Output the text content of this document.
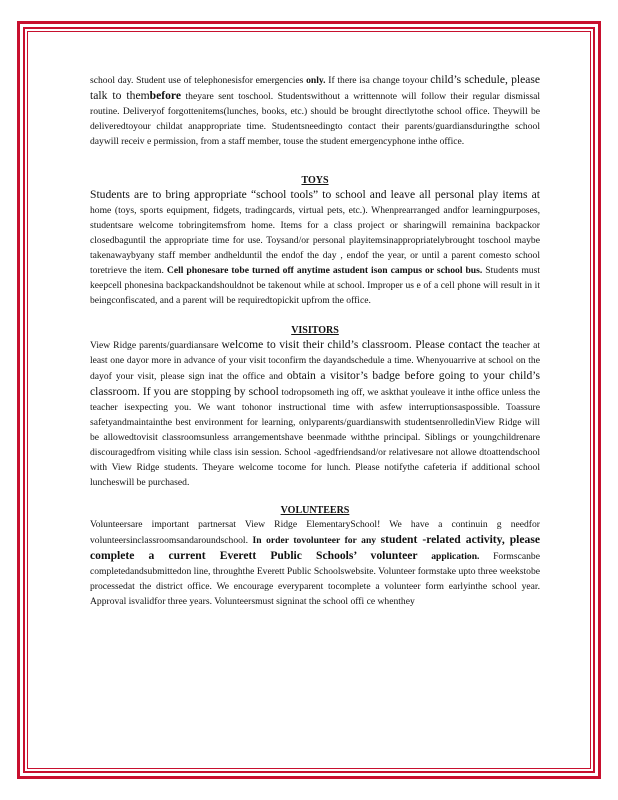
school day. Student use of telephonesisfor emergencies only. If there isa change toyour child’s schedule, please talk to thembefore theyare sent toschool. Studentswithout a writtennote will follow their regular dismissal routine. Deliveryof forgottenitems(lunches, books, etc.) should be brought directlytothe school office. Theywill be deliveredtoyour childat anappropriate time. Studentsneedingto contact their parents/guardiansduringthe school daywill receiv e permission, from a staff member, touse the student emergencyphone inthe office.

TOYS

Students are to bring appropriate “school tools” to school and leave all personal play items at home (toys, sports equipment, fidgets, tradingcards, virtual pets, etc.). Whenprearranged andfor learningpurposes, studentsare welcome tobringitemsfrom home. Items for a class project or sharingwill remainina backpackor closedbaguntil the appropriate time for use. Toysand/or personal playitemsinappropriatelybrought toschool maybe takenawaybyany staff member andhelduntil the endof the day , endof the year, or until a parent comesto school toretrieve the item. Cell phonesare tobe turned off anytime astudent ison campus or school bus. Students must keepcell phonesina backpackandshouldnot be takenout while at school. Improper us e of a cell phone will result in it beingconfiscated, and a parent will be requiredtopickit upfrom the office.

VISITORS

View Ridge parents/guardiansare welcome to visit their child’s classroom. Please contact the teacher at least one dayor more in advance of your visit toconfirm the dayandschedule a time. Whenyouarrive at school on the dayof your visit, please sign inat the office and obtain a visitor’s badge before going to your child’s classroom. If you are stopping by school todropsometh ing off, we askthat youleave it inthe office unless the teacher isexpecting you. We want tohonor instructional time with asfew interruptionsaspossible. Toassure safetyandmaintainthe best environment for learning, onlyparents/guardianswith studentsenrolledinView Ridge will be allowedtovisit classroomsunless arrangementshave beenmade withthe principal. Siblings or youngchildrenare discouragedfrom visiting while class isin session. School -agedfriendsand/or relativesare not allowe dtoattendschool with View Ridge students. Theyare welcome tocome for lunch. Please notifythe cafeteria if additional school luncheswill be purchased.

VOLUNTEERS

Volunteersare important partnersat View Ridge ElementarySchool! We have a continuin g needfor volunteersinclassroomsandaroundschool. In order tovolunteer for any student -related activity, please complete a current Everett Public Schools’ volunteer application. Formscanbe completedandsubmittedon line, throughthe Everett Public Schoolswebsite. Volunteer formstake upto three weekstobe processedat the district office. We encourage everyparent tocomplete a volunteer form earlyinthe school year. Approval isvalidfor three years. Volunteersmust signinat the school offi ce whenthey
